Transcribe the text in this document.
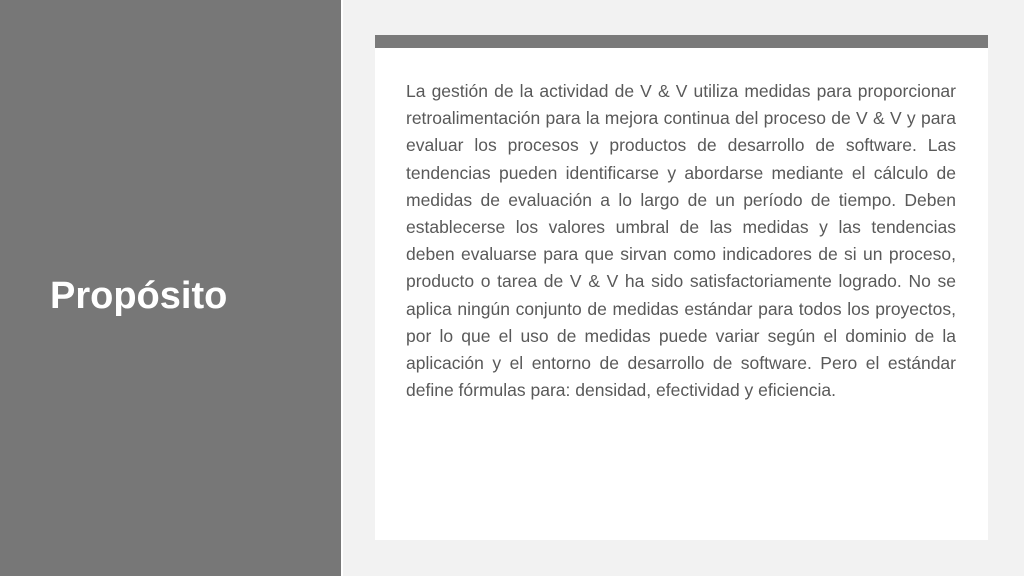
Propósito

La gestión de la actividad de V & V utiliza medidas para proporcionar retroalimentación para la mejora continua del proceso de V & V y para evaluar los procesos y productos de desarrollo de software. Las tendencias pueden identificarse y abordarse mediante el cálculo de medidas de evaluación a lo largo de un período de tiempo. Deben establecerse los valores umbral de las medidas y las tendencias deben evaluarse para que sirvan como indicadores de si un proceso, producto o tarea de V & V ha sido satisfactoriamente logrado. No se aplica ningún conjunto de medidas estándar para todos los proyectos, por lo que el uso de medidas puede variar según el dominio de la aplicación y el entorno de desarrollo de software. Pero el estándar define fórmulas para: densidad, efectividad y eficiencia.
